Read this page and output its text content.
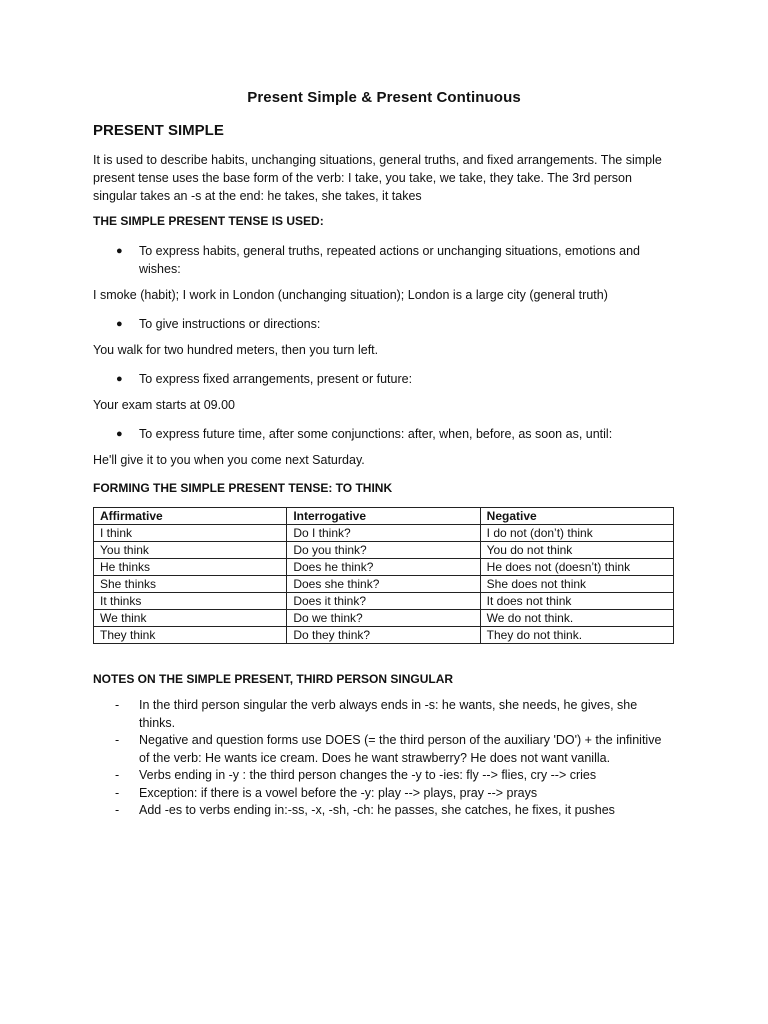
Present Simple & Present Continuous
PRESENT SIMPLE
It is used to describe habits, unchanging situations, general truths, and fixed arrangements. The simple present tense uses the base form of the verb: I take, you take, we take, they take. The 3rd person singular takes an -s at the end: he takes, she takes, it takes
THE SIMPLE PRESENT TENSE IS USED:
● To express habits, general truths, repeated actions or unchanging situations, emotions and wishes:
I smoke (habit); I work in London (unchanging situation); London is a large city (general truth)
● To give instructions or directions:
You walk for two hundred meters, then you turn left.
● To express fixed arrangements, present or future:
Your exam starts at 09.00
● To express future time, after some conjunctions: after, when, before, as soon as, until:
He'll give it to you when you come next Saturday.
FORMING THE SIMPLE PRESENT TENSE: TO THINK
Affirmative	Interrogative	Negative
I think	Do I think?	I do not (don’t) think
You think	Do you think?	You do not think
He thinks	Does he think?	He does not (doesn’t) think
She thinks	Does she think?	She does not think
It thinks	Does it think?	It does not think
We think	Do we think?	We do not think.
They think	Do they think?	They do not think.
NOTES ON THE SIMPLE PRESENT, THIRD PERSON SINGULAR
- In the third person singular the verb always ends in -s: he wants, she needs, he gives, she thinks.
- Negative and question forms use DOES (= the third person of the auxiliary 'DO') + the infinitive of the verb: He wants ice cream. Does he want strawberry? He does not want vanilla.
- Verbs ending in -y : the third person changes the -y to -ies: fly --> flies, cry --> cries
- Exception: if there is a vowel before the -y: play --> plays, pray --> prays
- Add -es to verbs ending in:-ss, -x, -sh, -ch: he passes, she catches, he fixes, it pushes
